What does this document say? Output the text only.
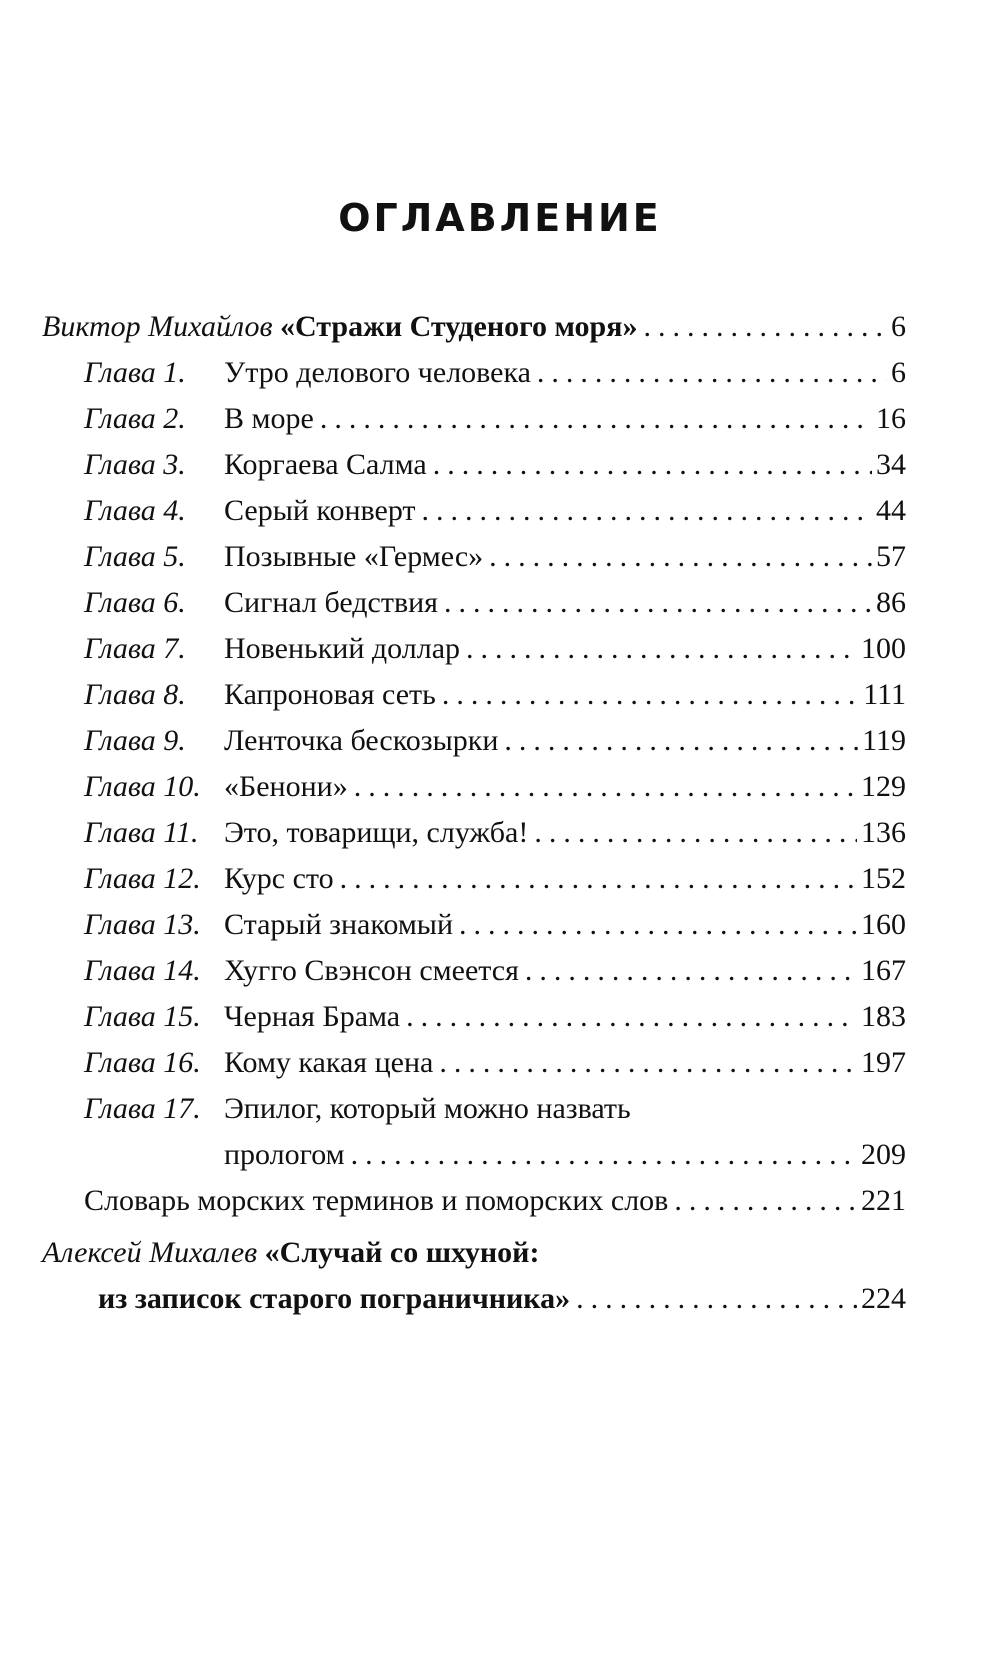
ОГЛАВЛЕНИЕ
Виктор Михайлов «Стражи Студеного моря» .....	6
Глава 1.	Утро делового человека .....	6
Глава 2.	В море .....	16
Глава 3.	Коргаева Салма .....	34
Глава 4.	Серый конверт .....	44
Глава 5.	Позывные «Гермес» .....	57
Глава 6.	Сигнал бедствия .....	86
Глава 7.	Новенький доллар .....	100
Глава 8.	Капроновая сеть .....	111
Глава 9.	Ленточка бескозырки .....	119
Глава 10. «Бенони» .....	129
Глава 11. Это, товарищи, служба! .....	136
Глава 12. Курс сто .....	152
Глава 13. Старый знакомый .....	160
Глава 14. Хугго Свэнсон смеется .....	167
Глава 15. Черная Брама .....	183
Глава 16. Кому какая цена .....	197
Глава 17. Эпилог, который можно назвать
прологом .....	209
Словарь морских терминов и поморских слов .....	221
Алексей Михалев «Случай со шхуной:
из записок старого пограничника» .....	224
